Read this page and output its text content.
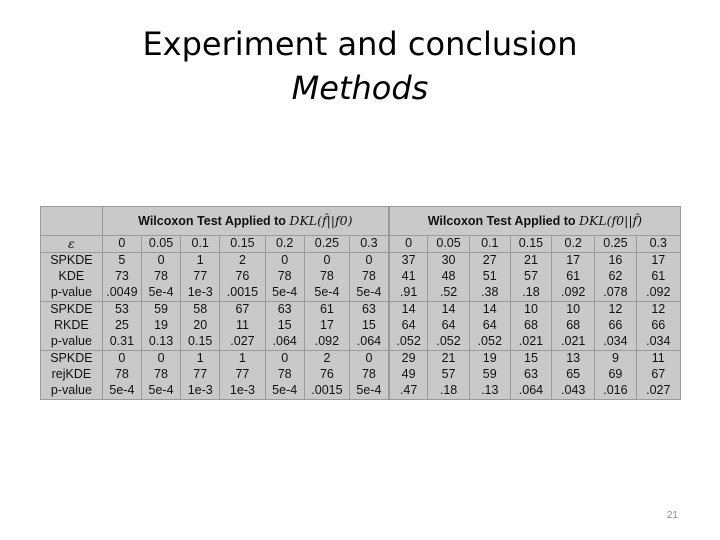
Experiment and conclusion
Methods
	Wilcoxon Test Applied to DKL(f̂||f0)							Wilcoxon Test Applied to DKL(f0||f̂)						
ε	0	0.05	0.1	0.15	0.2	0.25	0.3	0	0.05	0.1	0.15	0.2	0.25	0.3
SPKDE	5	0	1	2	0	0	0	37	30	27	21	17	16	17
KDE	73	78	77	76	78	78	78	41	48	51	57	61	62	61
p-value	.0049	5e-4	1e-3	.0015	5e-4	5e-4	5e-4	.91	.52	.38	.18	.092	.078	.092
SPKDE	53	59	58	67	63	61	63	14	14	14	10	10	12	12
RKDE	25	19	20	11	15	17	15	64	64	64	68	68	66	66
p-value	0.31	0.13	0.15	.027	.064	.092	.064	.052	.052	.052	.021	.021	.034	.034
SPKDE	0	0	1	1	0	2	0	29	21	19	15	13	9	11
rejKDE	78	78	77	77	78	76	78	49	57	59	63	65	69	67
p-value	5e-4	5e-4	1e-3	1e-3	5e-4	.0015	5e-4	.47	.18	.13	.064	.043	.016	.027
21
